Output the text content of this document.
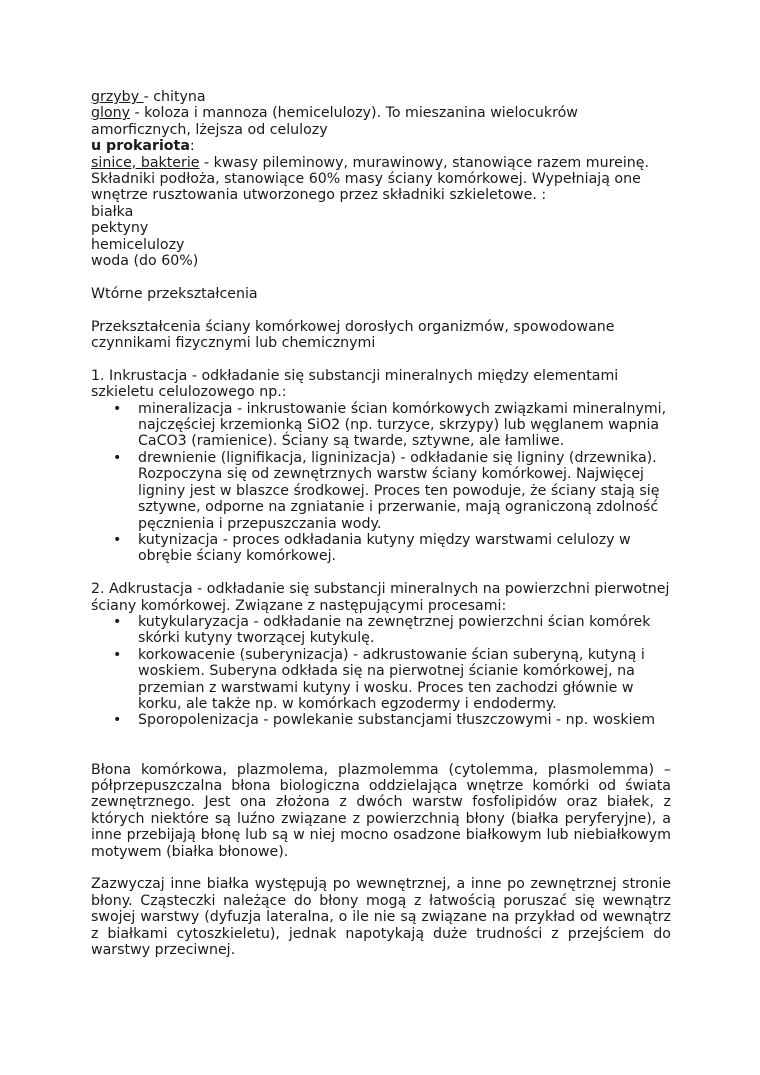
grzyby - chityna
glony - koloza i mannoza (hemicelulozy). To mieszanina wielocukrów
amorficznych, lżejsza od celulozy
u prokariota:
sinice, bakterie - kwasy pileminowy, murawinowy, stanowiące razem mureinę.
Składniki podłoża, stanowiące 60% masy ściany komórkowej. Wypełniają one
wnętrze rusztowania utworzonego przez składniki szkieletowe. :
białka
pektyny
hemicelulozy
woda (do 60%)
Wtórne przekształcenia
Przekształcenia ściany komórkowej dorosłych organizmów, spowodowane
czynnikami fizycznymi lub chemicznymi
1. Inkrustacja - odkładanie się substancji mineralnych między elementami
szkieletu celulozowego np.:
• mineralizacja - inkrustowanie ścian komórkowych związkami mineralnymi,
najczęściej krzemionką SiO2 (np. turzyce, skrzypy) lub węglanem wapnia
CaCO3 (ramienice). Ściany są twarde, sztywne, ale łamliwe.
• drewnienie (lignifikacja, ligninizacja) - odkładanie się ligniny (drzewnika).
Rozpoczyna się od zewnętrznych warstw ściany komórkowej. Najwięcej
ligniny jest w blaszce środkowej. Proces ten powoduje, że ściany stają się
sztywne, odporne na zgniatanie i przerwanie, mają ograniczoną zdolność
pęcznienia i przepuszczania wody.
• kutynizacja - proces odkładania kutyny między warstwami celulozy w
obrębie ściany komórkowej.
2. Adkrustacja - odkładanie się substancji mineralnych na powierzchni pierwotnej
ściany komórkowej. Związane z następującymi procesami:
• kutykularyzacja - odkładanie na zewnętrznej powierzchni ścian komórek
skórki kutyny tworzącej kutykulę.
• korkowacenie (suberynizacja) - adkrustowanie ścian suberyną, kutyną i
woskiem. Suberyna odkłada się na pierwotnej ścianie komórkowej, na
przemian z warstwami kutyny i wosku. Proces ten zachodzi głównie w
korku, ale także np. w komórkach egzodermy i endodermy.
• Sporopolenizacja - powlekanie substancjami tłuszczowymi - np. woskiem
Błona komórkowa, plazmolema, plazmolemma (cytolemma, plasmolemma) –
półprzepuszczalna błona biologiczna oddzielająca wnętrze komórki od świata
zewnętrznego. Jest ona złożona z dwóch warstw fosfolipidów oraz białek, z
których niektóre są luźno związane z powierzchnią błony (białka peryferyjne), a
inne przebijają błonę lub są w niej mocno osadzone białkowym lub niebiałkowym
motywem (białka błonowe).
Zazwyczaj inne białka występują po wewnętrznej, a inne po zewnętrznej stronie
błony. Cząsteczki należące do błony mogą z łatwością poruszać się wewnątrz
swojej warstwy (dyfuzja lateralna, o ile nie są związane na przykład od wewnątrz
z białkami cytoszkieletu), jednak napotykają duże trudności z przejściem do
warstwy przeciwnej.
